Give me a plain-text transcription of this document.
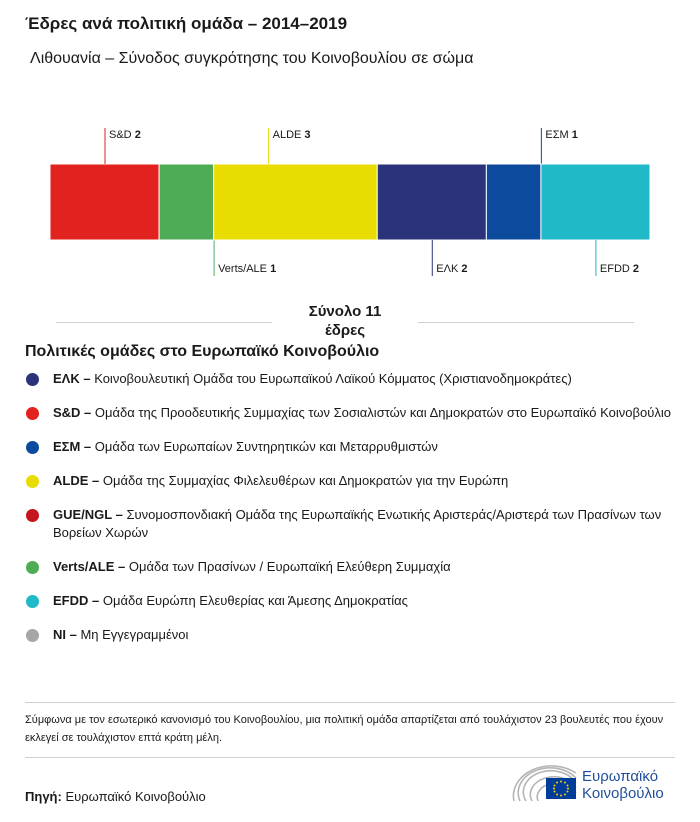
Έδρες ανά πολιτική ομάδα – 2014–2019
Λιθουανία – Σύνοδος συγκρότησης του Κοινοβουλίου σε σώμα
S&D 2
Verts/ALE 1
ALDE 3
ΕΛΚ 2
ΕΣΜ 1
EFDD 2
Σύνολο 11
έδρες
Πολιτικές ομάδες στο Ευρωπαϊκό Κοινοβούλιο
ΕΛΚ – Κοινοβουλευτική Ομάδα του Ευρωπαϊκού Λαϊκού Κόμματος (Χριστιανοδημοκράτες)
S&D – Ομάδα της Προοδευτικής Συμμαχίας των Σοσιαλιστών και Δημοκρατών στο Ευρωπαϊκό Κοινοβούλιο
ΕΣΜ – Ομάδα των Ευρωπαίων Συντηρητικών και Μεταρρυθμιστών
ALDE – Ομάδα της Συμμαχίας Φιλελευθέρων και Δημοκρατών για την Ευρώπη
GUE/NGL – Συνομοσπονδιακή Ομάδα της Ευρωπαϊκής Ενωτικής Αριστεράς/Αριστερά των Πρασίνων των Βορείων Χωρών
Verts/ALE – Ομάδα των Πρασίνων / Ευρωπαϊκή Ελεύθερη Συμμαχία
EFDD – Ομάδα Ευρώπη Ελευθερίας και Άμεσης Δημοκρατίας
NI – Μη Εγγεγραμμένοι
Σύμφωνα με τον εσωτερικό κανονισμό του Κοινοβουλίου, μια πολιτική ομάδα απαρτίζεται από τουλάχιστον 23 βουλευτές που έχουν εκλεγεί σε τουλάχιστον επτά κράτη μέλη.
Πηγή: Ευρωπαϊκό Κοινοβούλιο
Ευρωπαϊκό
Κοινοβούλιο
